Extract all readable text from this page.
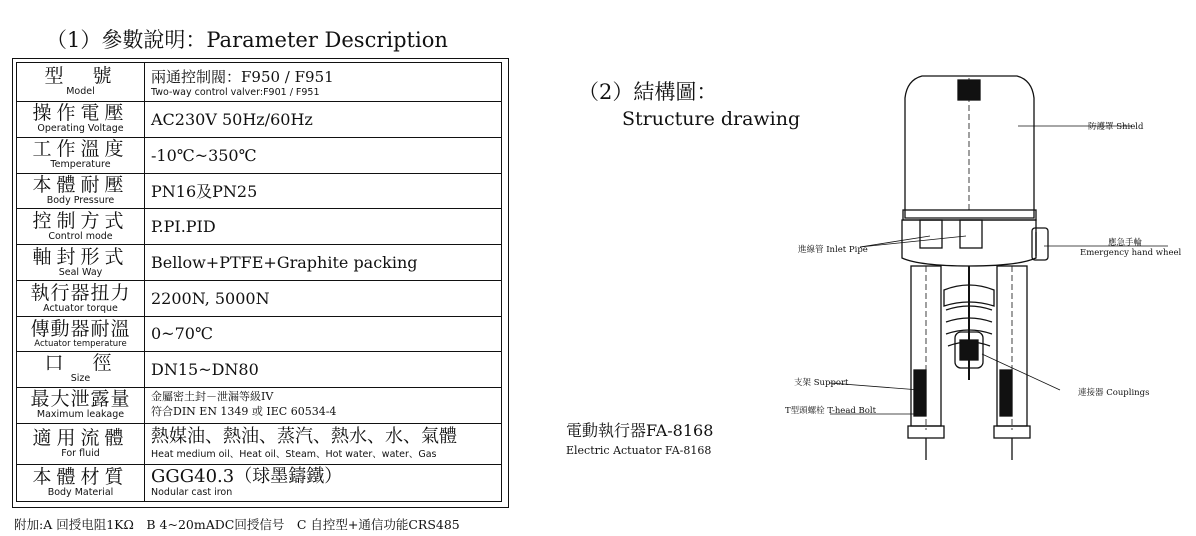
（1）參數說明：Parameter Description
型　號
Model	兩通控制閥：F950 / F951
Two-way control valver:F901 / F951

操作電壓
Operating Voltage	AC230V 50Hz/60Hz

工作溫度
Temperature	-10℃~350℃

本體耐壓
Body Pressure	PN16及PN25

控制方式
Control mode	P.PI.PID

軸封形式
Seal Way	Bellow+PTFE+Graphite packing

執行器扭力
Actuator torque	2200N, 5000N

傳動器耐溫
Actuator temperature	0~70℃

口　徑
Size	DN15~DN80

最大泄露量
Maximum leakage	金屬密土封－泄漏等級IV
符合DIN EN 1349 或 IEC 60534-4

適用流體
For fluid	熱媒油、熱油、蒸汽、熱水、水、氣體
Heat medium oil、Heat oil、Steam、Hot water、water、Gas

本體材質
Body Material	GGG40.3（球墨鑄鐵）
Nodular cast iron
附加:A 回授电阻1KΩ　B 4~20mADC回授信号　C 自控型+通信功能CRS485
（2）結構圖：
Structure drawing
電動執行器FA-8168
Electric Actuator FA-8168
防護罩 Shield
進線管 Inlet Pipe
應急手輪
Emergency hand wheel
支架 Support
連接器 Couplings
T型頭螺栓 T-head Bolt
